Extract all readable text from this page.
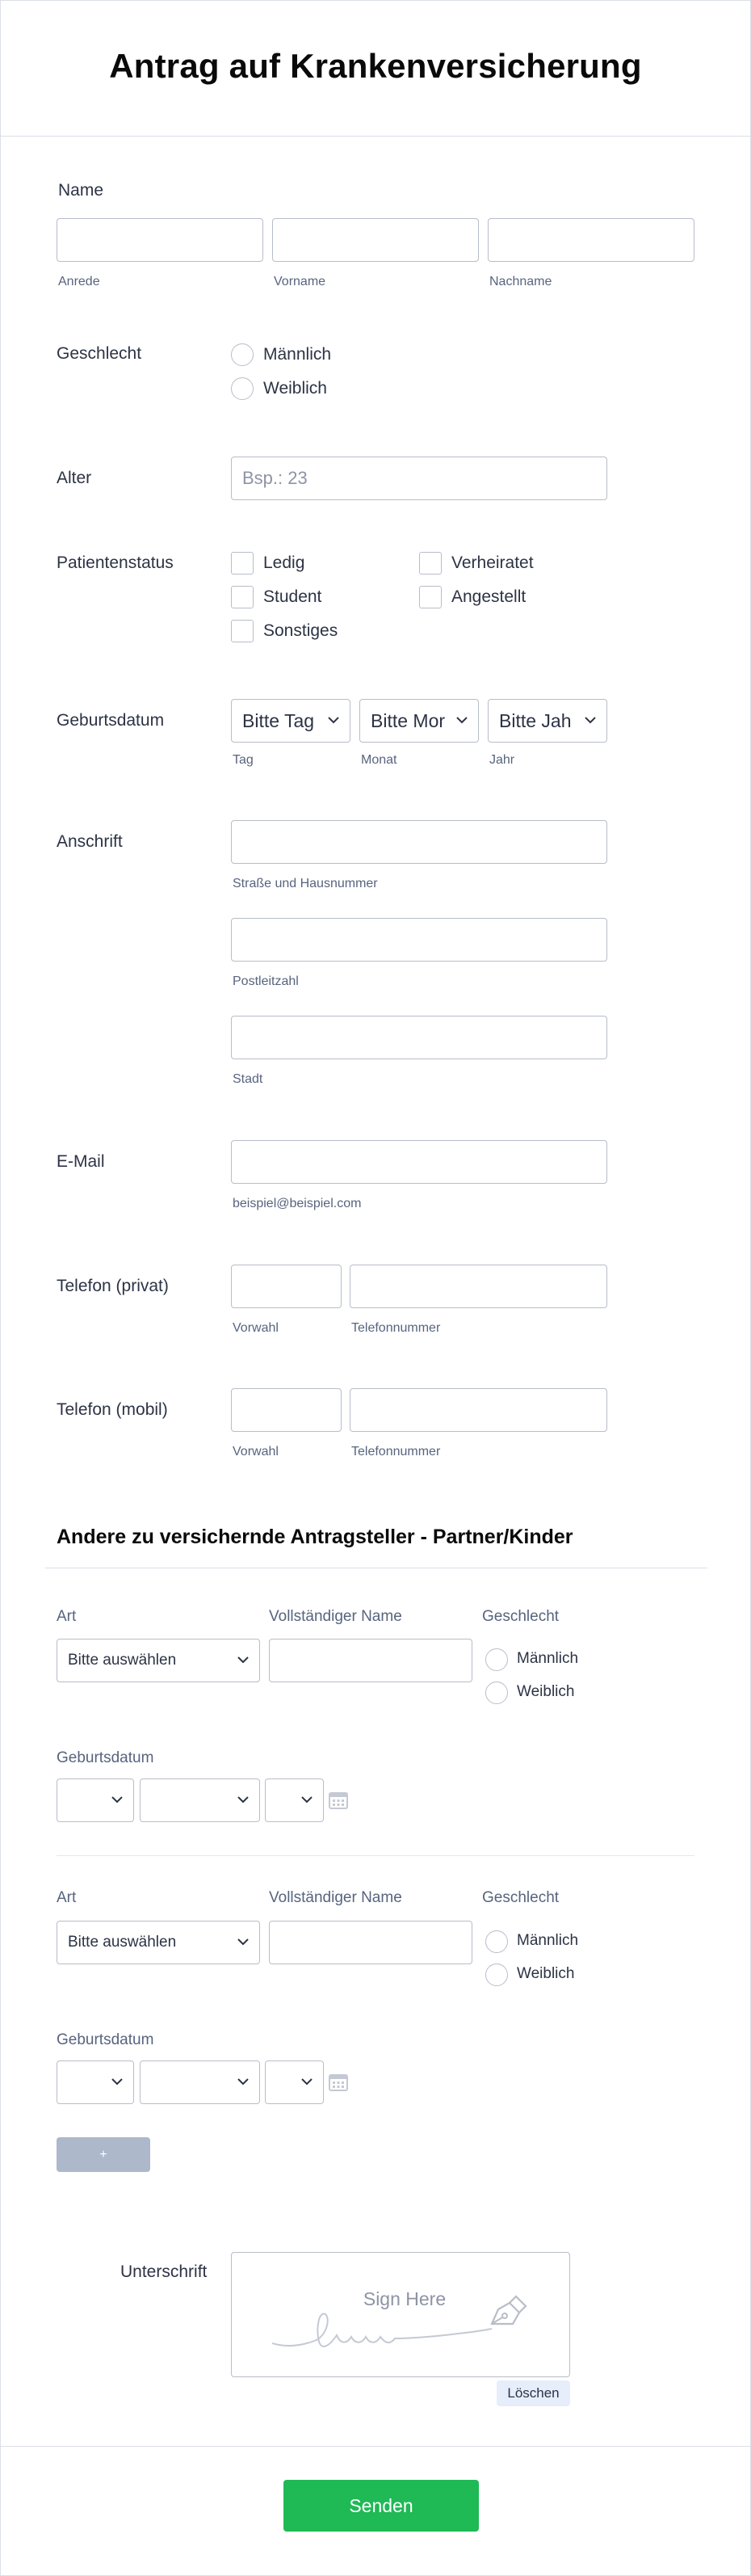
Antrag auf Krankenversicherung
Name
Anrede	Vorname	Nachname
Geschlecht	Männlich
Weiblich
Alter	Bsp.: 23
Patientenstatus	Ledig	Verheiratet
Student	Angestellt
Sonstiges
Geburtsdatum	Bitte Tag	Bitte Mor	Bitte Jah
Tag	Monat	Jahr
Anschrift
Straße und Hausnummer
Postleitzahl
Stadt
E-Mail
beispiel@beispiel.com
Telefon (privat)
Vorwahl	Telefonnummer
Telefon (mobil)
Vorwahl	Telefonnummer
Andere zu versichernde Antragsteller - Partner/Kinder
Art	Vollständiger Name	Geschlecht
Bitte auswählen	Männlich
Weiblich
Geburtsdatum
Art	Vollständiger Name	Geschlecht
Bitte auswählen	Männlich
Weiblich
Geburtsdatum
+
Unterschrift
Sign Here
Löschen
Senden
